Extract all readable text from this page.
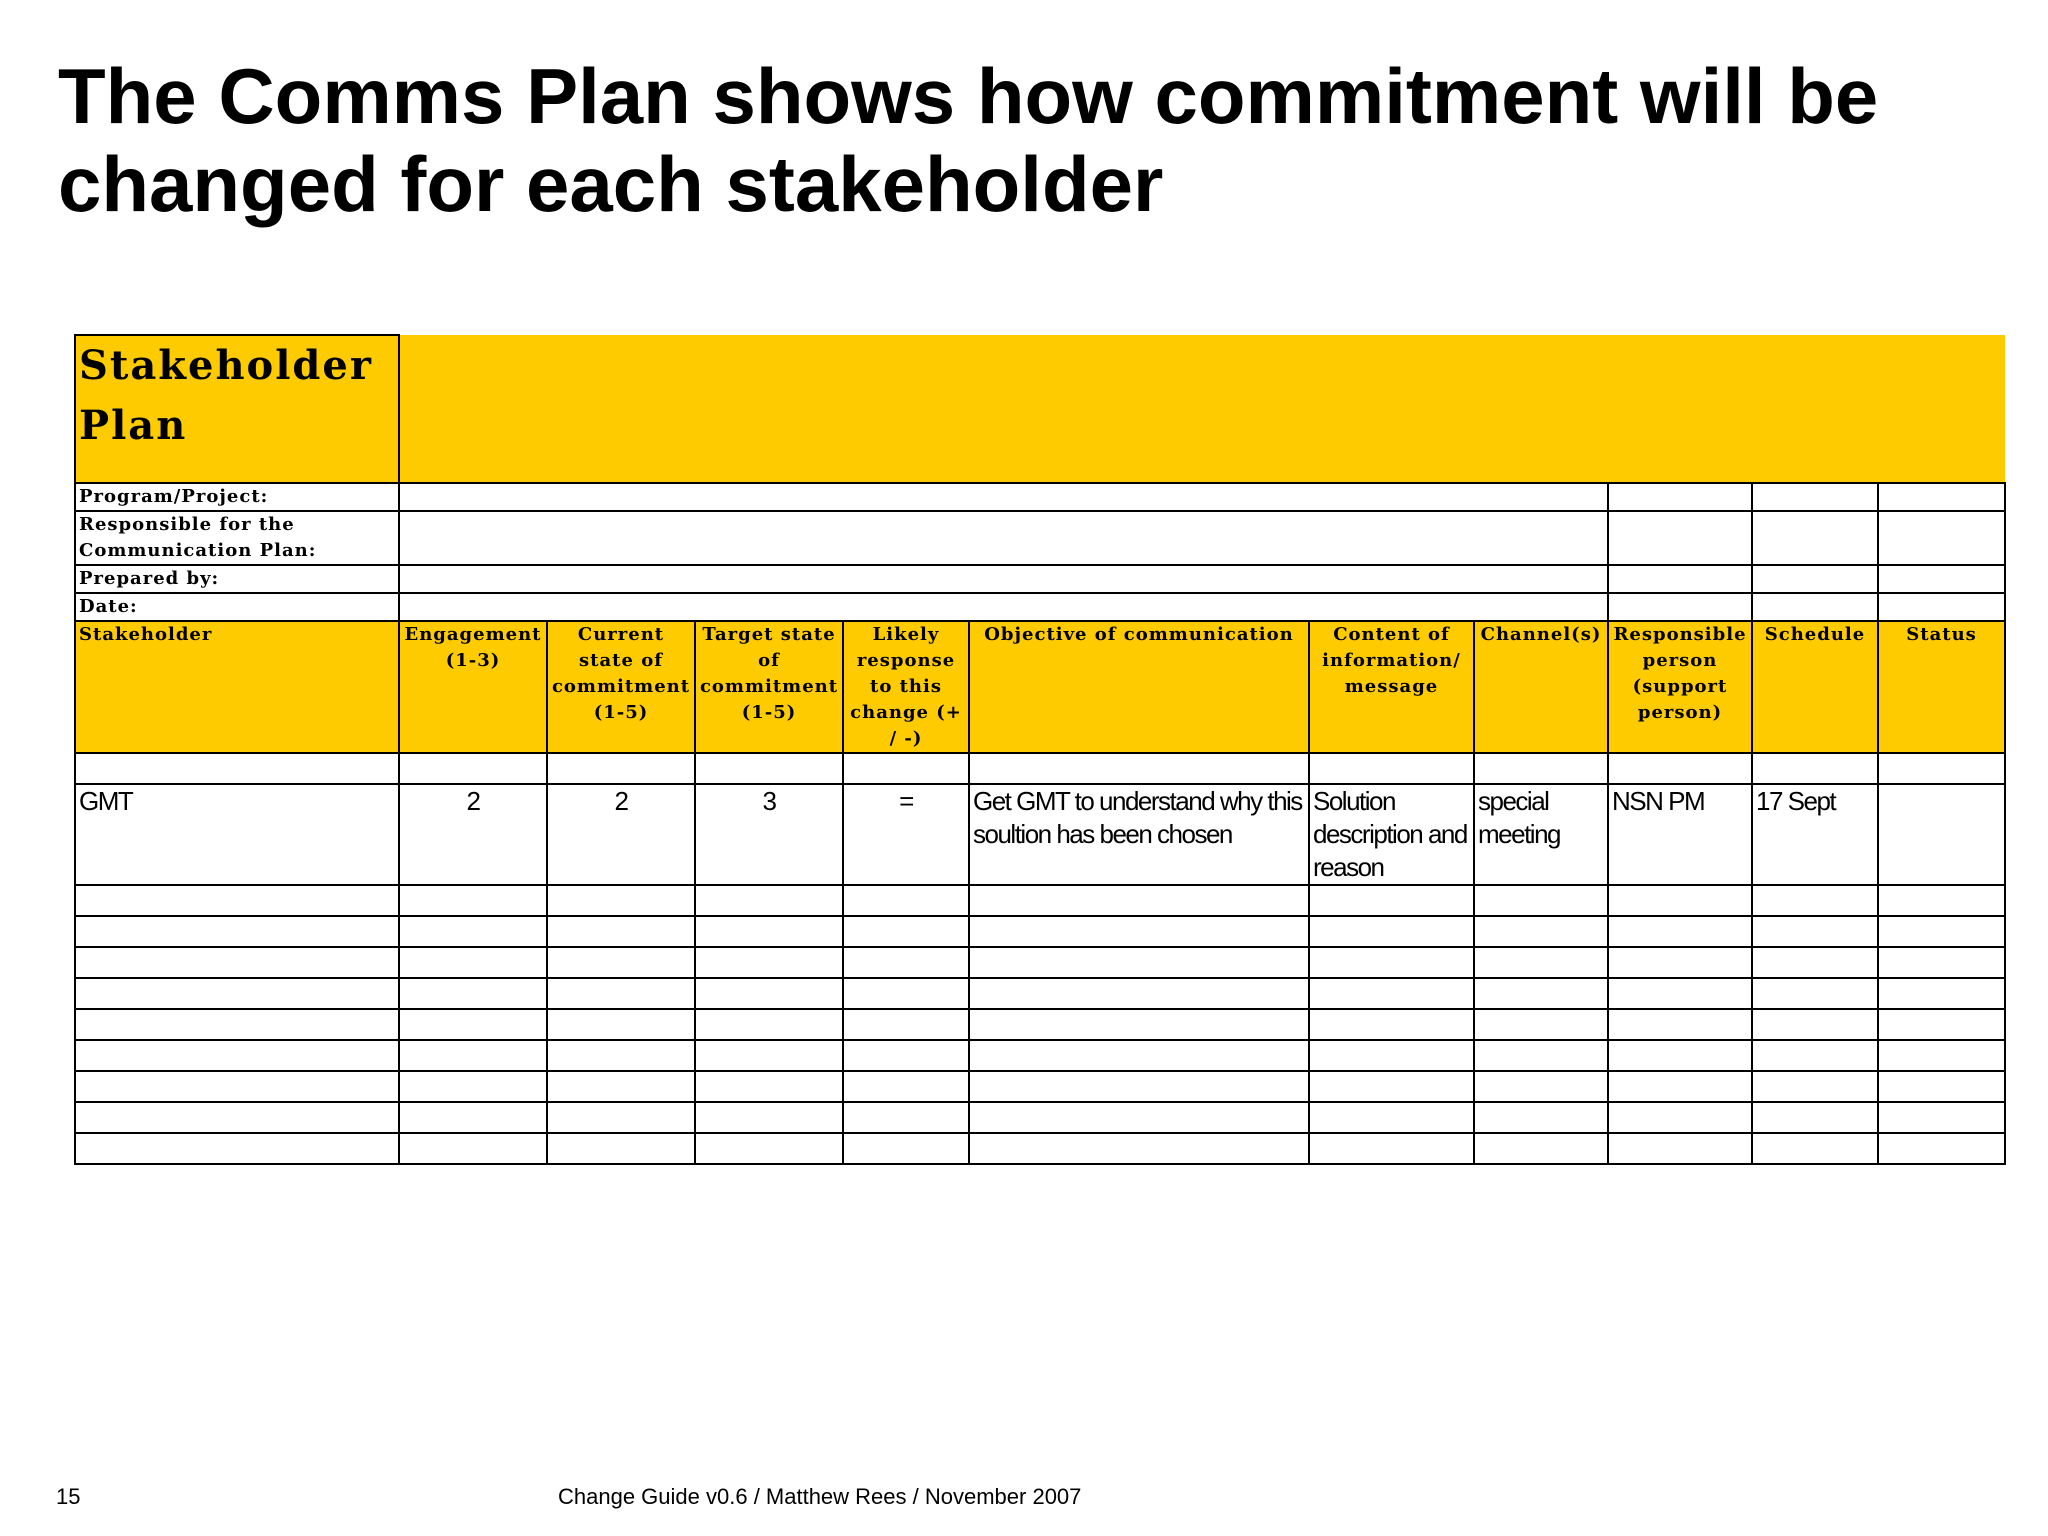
The Comms Plan shows how commitment will be changed for each stakeholder
Stakeholder Plan										
Program/Project:										
Responsible for the Communication Plan:										
Prepared by:										
Date:										
Stakeholder	Engagement (1-3)	Current state of commitment (1-5)	Target state of commitment (1-5)	Likely response to this change (+ / -)	Objective of communication	Content of information/ message	Channel(s)	Responsible person (support person)	Schedule	Status

GMT	2	2	3	=	Get GMT to understand why this soultion has been chosen	Solution description and reason	special meeting	NSN PM	17 Sept	

15	Change Guide v0.6 / Matthew Rees / November 2007
